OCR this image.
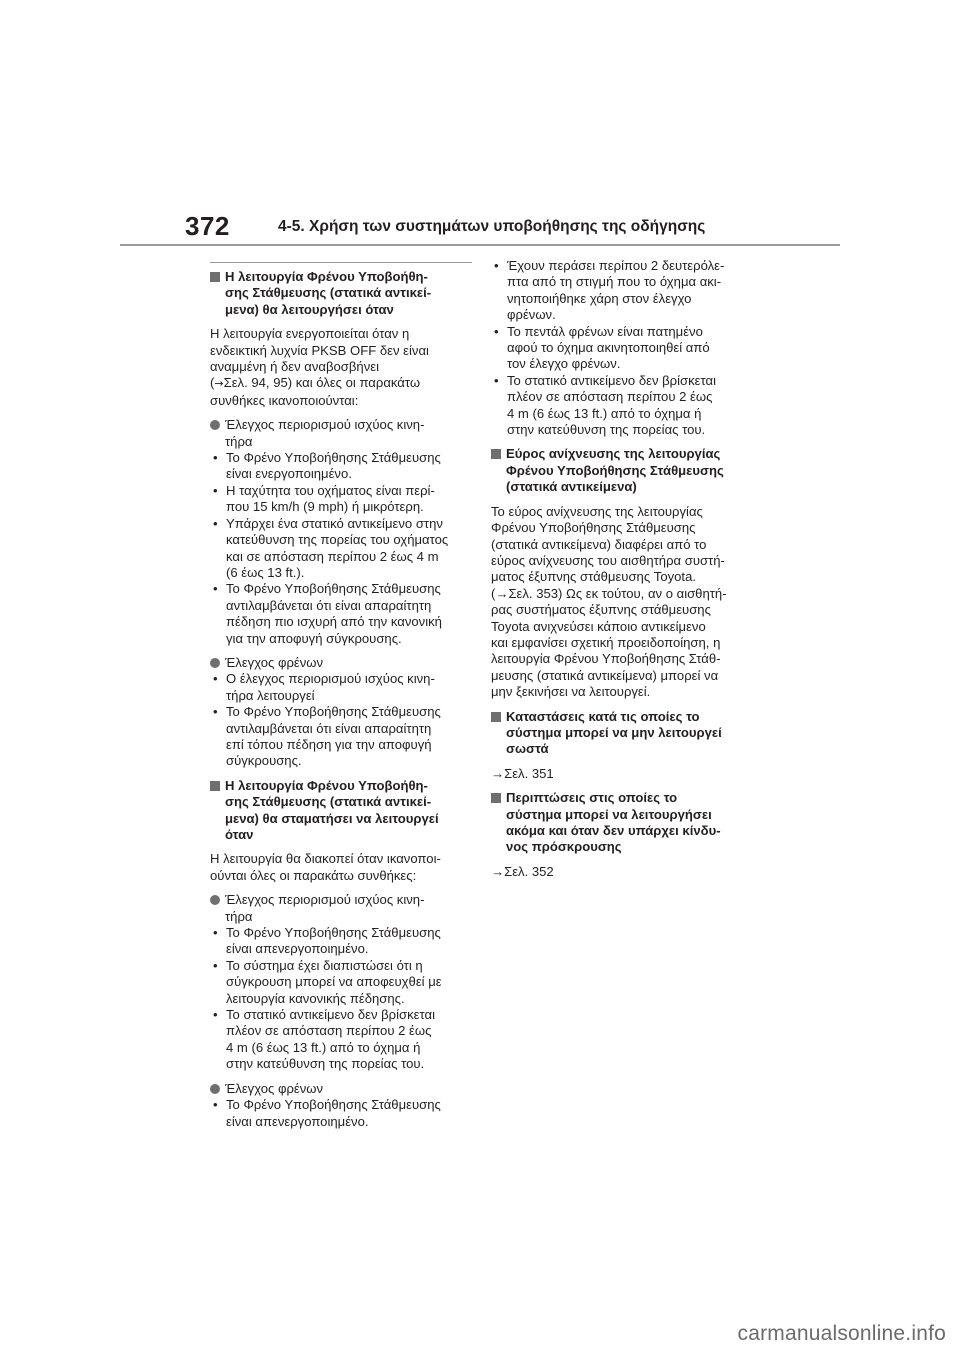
372	4-5. Χρήση των συστημάτων υποβοήθησης της οδήγησης
Η λειτουργία Φρένου Υποβοήθη-
σης Στάθμευσης (στατικά αντικεί-
μενα) θα λειτουργήσει όταν
Η λειτουργία ενεργοποιείται όταν η
ενδεικτική λυχνία PKSB OFF δεν είναι
αναμμένη ή δεν αναβοσβήνει
(→Σελ. 94, 95) και όλες οι παρακάτω
συνθήκες ικανοποιούνται:
Έλεγχος περιορισμού ισχύος κινη-
τήρα
• Το Φρένο Υποβοήθησης Στάθμευσης
είναι ενεργοποιημένο.
• Η ταχύτητα του οχήματος είναι περί-
που 15 km/h (9 mph) ή μικρότερη.
• Υπάρχει ένα στατικό αντικείμενο στην
κατεύθυνση της πορείας του οχήματος
και σε απόσταση περίπου 2 έως 4 m
(6 έως 13 ft.).
• Το Φρένο Υποβοήθησης Στάθμευσης
αντιλαμβάνεται ότι είναι απαραίτητη
πέδηση πιο ισχυρή από την κανονική
για την αποφυγή σύγκρουσης.
Έλεγχος φρένων
• Ο έλεγχος περιορισμού ισχύος κινη-
τήρα λειτουργεί
• Το Φρένο Υποβοήθησης Στάθμευσης
αντιλαμβάνεται ότι είναι απαραίτητη
επί τόπου πέδηση για την αποφυγή
σύγκρουσης.
Η λειτουργία Φρένου Υποβοήθη-
σης Στάθμευσης (στατικά αντικεί-
μενα) θα σταματήσει να λειτουργεί
όταν
Η λειτουργία θα διακοπεί όταν ικανοποι-
ούνται όλες οι παρακάτω συνθήκες:
Έλεγχος περιορισμού ισχύος κινη-
τήρα
• Το Φρένο Υποβοήθησης Στάθμευσης
είναι απενεργοποιημένο.
• Το σύστημα έχει διαπιστώσει ότι η
σύγκρουση μπορεί να αποφευχθεί με
λειτουργία κανονικής πέδησης.
• Το στατικό αντικείμενο δεν βρίσκεται
πλέον σε απόσταση περίπου 2 έως
4 m (6 έως 13 ft.) από το όχημα ή
στην κατεύθυνση της πορείας του.
Έλεγχος φρένων
• Το Φρένο Υποβοήθησης Στάθμευσης
είναι απενεργοποιημένο.
• Έχουν περάσει περίπου 2 δευτερόλε-
πτα από τη στιγμή που το όχημα ακι-
νητοποιήθηκε χάρη στον έλεγχο
φρένων.
• Το πεντάλ φρένων είναι πατημένο
αφού το όχημα ακινητοποιηθεί από
τον έλεγχο φρένων.
• Το στατικό αντικείμενο δεν βρίσκεται
πλέον σε απόσταση περίπου 2 έως
4 m (6 έως 13 ft.) από το όχημα ή
στην κατεύθυνση της πορείας του.
Εύρος ανίχνευσης της λειτουργίας
Φρένου Υποβοήθησης Στάθμευσης
(στατικά αντικείμενα)
Το εύρος ανίχνευσης της λειτουργίας
Φρένου Υποβοήθησης Στάθμευσης
(στατικά αντικείμενα) διαφέρει από το
εύρος ανίχνευσης του αισθητήρα συστή-
ματος έξυπνης στάθμευσης Toyota.
(→Σελ. 353) Ως εκ τούτου, αν ο αισθητή-
ρας συστήματος έξυπνης στάθμευσης
Toyota ανιχνεύσει κάποιο αντικείμενο
και εμφανίσει σχετική προειδοποίηση, η
λειτουργία Φρένου Υποβοήθησης Στάθ-
μευσης (στατικά αντικείμενα) μπορεί να
μην ξεκινήσει να λειτουργεί.
Καταστάσεις κατά τις οποίες το
σύστημα μπορεί να μην λειτουργεί
σωστά
→Σελ. 351
Περιπτώσεις στις οποίες το
σύστημα μπορεί να λειτουργήσει
ακόμα και όταν δεν υπάρχει κίνδυ-
νος πρόσκρουσης
→Σελ. 352
carmanualsonline.info
